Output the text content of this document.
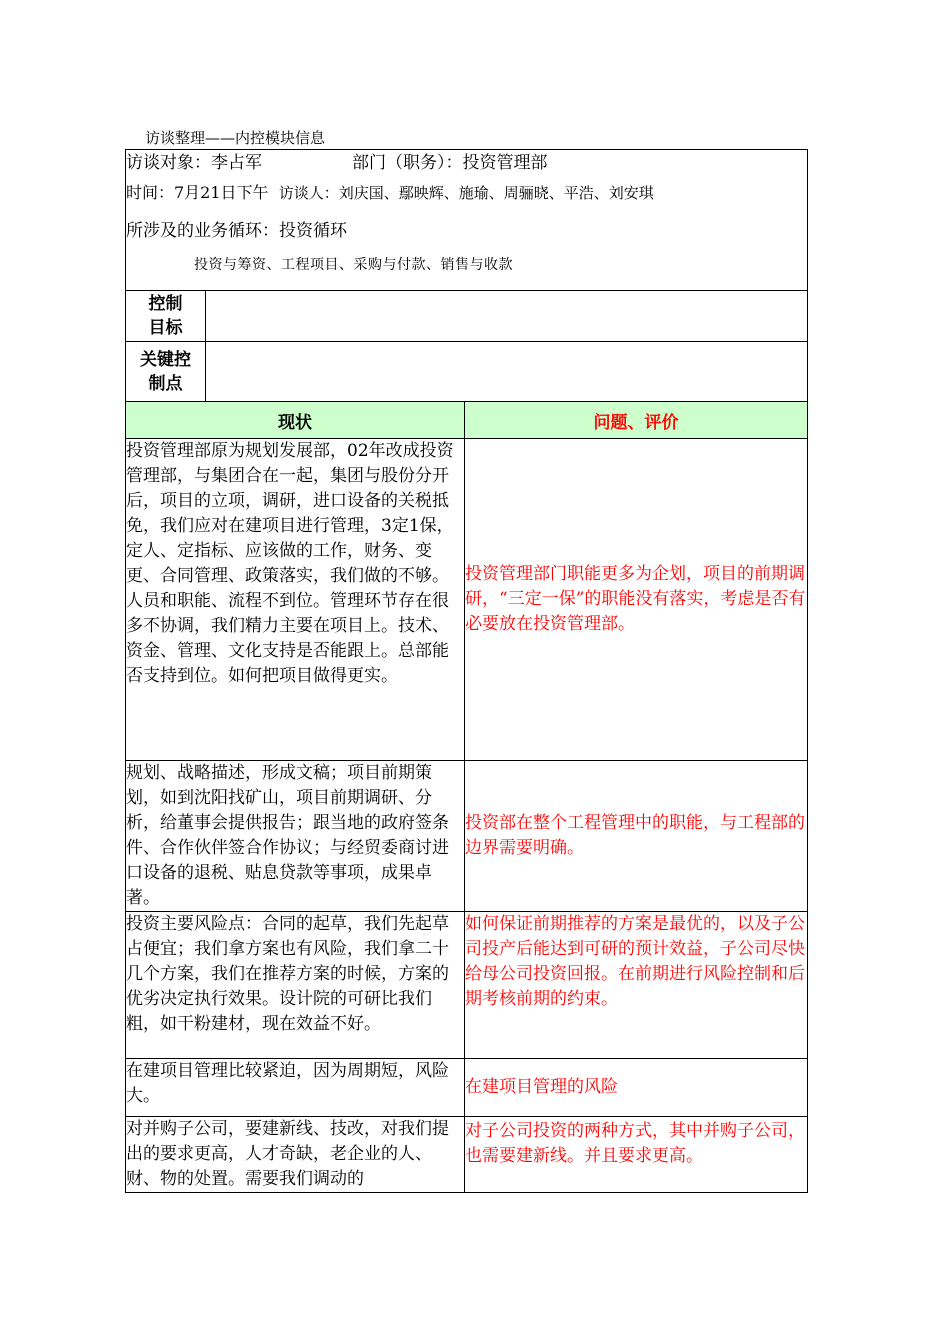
访谈整理——内控模块信息
访谈对象：李占军 部门（职务）：投资管理部
时间：7月21日下午 访谈人：刘庆国、鄢映辉、施瑜、周骊晓、平浩、刘安琪
所涉及的业务循环：投资循环
投资与筹资、工程项目、采购与付款、销售与收款		

控制目标		

关键控制点		

现状		问题、评价
投资管理部原为规划发展部，02年改成投资管理部，与集团合在一起，集团与股份分开后，项目的立项，调研，进口设备的关税抵免，我们应对在建项目进行管理，3定1保，定人、定指标、应该做的工作，财务、变更、合同管理、政策落实，我们做的不够。人员和职能、流程不到位。管理环节存在很多不协调，我们精力主要在项目上。技术、资金、管理、文化支持是否能跟上。总部能否支持到位。如何把项目做得更实。		投资管理部门职能更多为企划，项目的前期调研，“三定一保”的职能没有落实，考虑是否有必要放在投资管理部。
规划、战略描述，形成文稿；项目前期策划，如到沈阳找矿山，项目前期调研、分析，给董事会提供报告；跟当地的政府签条件、合作伙伴签合作协议；与经贸委商讨进口设备的退税、贴息贷款等事项，成果卓著。		投资部在整个工程管理中的职能，与工程部的边界需要明确。
投资主要风险点：合同的起草，我们先起草占便宜；我们拿方案也有风险，我们拿二十几个方案，我们在推荐方案的时候，方案的优劣决定执行效果。设计院的可研比我们粗，如干粉建材，现在效益不好。		如何保证前期推荐的方案是最优的，以及子公司投产后能达到可研的预计效益，子公司尽快给母公司投资回报。在前期进行风险控制和后期考核前期的约束。
在建项目管理比较紧迫，因为周期短，风险大。		在建项目管理的风险
对并购子公司，要建新线、技改，对我们提出的要求更高，人才奇缺，老企业的人、财、物的处置。需要我们调动的		对子公司投资的两种方式，其中并购子公司，也需要建新线。并且要求更高。
